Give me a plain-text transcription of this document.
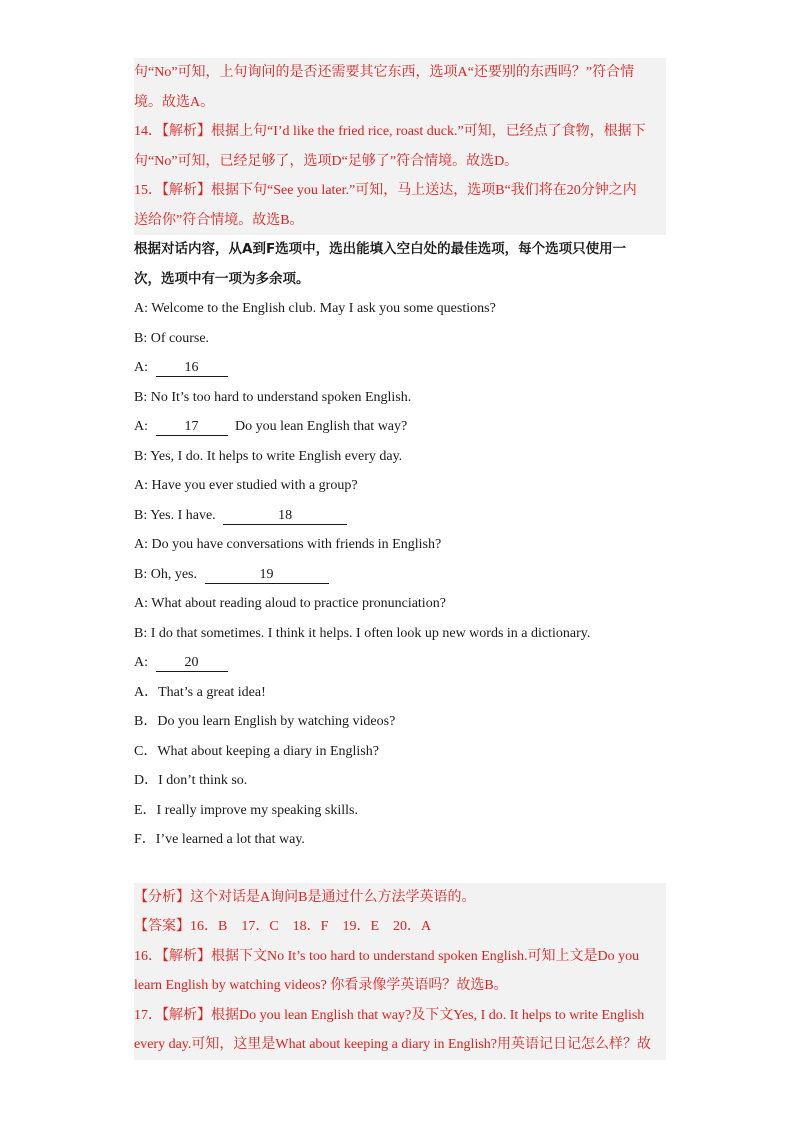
句“No”可知，上句询问的是否还需要其它东西，选项A“还要别的东西吗？”符合情
境。故选A。
14．【解析】根据上句“I’d like the fried rice, roast duck.”可知，已经点了食物，根据下
句“No”可知，已经足够了，选项D“足够了”符合情境。故选D。
15．【解析】根据下句“See you later.”可知，马上送达，选项B“我们将在20分钟之内
送给你”符合情境。故选B。
根据对话内容，从A到F选项中，选出能填入空白处的最佳选项，每个选项只使用一
次，选项中有一项为多余项。
A: Welcome to the English club. May I ask you some questions?
B: Of course.
A:	16
B: No It’s too hard to understand spoken English.
A:	17	Do you lean English that way?
B: Yes, I do. It helps to write English every day.
A: Have you ever studied with a group?
B: Yes. I have.	18
A: Do you have conversations with friends in English?
B: Oh, yes.	19
A: What about reading aloud to practice pronunciation?
B: I do that sometimes. I think it helps. I often look up new words in a dictionary.
A:	20
A．That’s a great idea!
B．Do you learn English by watching videos?
C．What about keeping a diary in English?
D．I don’t think so.
E．I really improve my speaking skills.
F．I’ve learned a lot that way.
【分析】这个对话是A询问B是通过什么方法学英语的。
【答案】16．B　17．C　18．F　19．E　20．A
16．【解析】根据下文No It’s too hard to understand spoken English.可知上文是Do you
learn English by watching videos? 你看录像学英语吗？故选B。
17．【解析】根据Do you lean English that way?及下文Yes, I do. It helps to write English
every day.可知，这里是What about keeping a diary in English?用英语记日记怎么样？故
